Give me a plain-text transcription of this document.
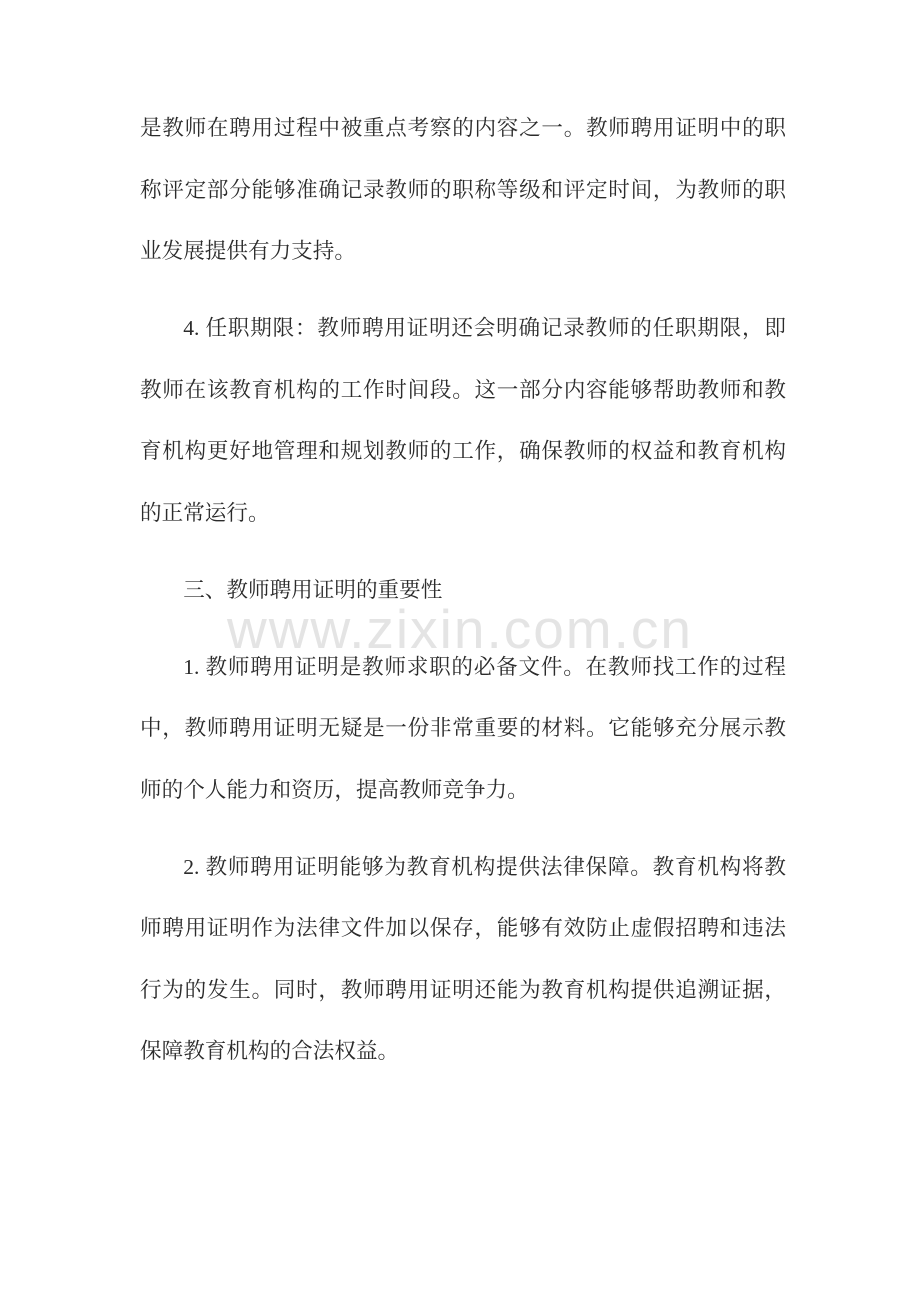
www.zixin.com.cn

是教师在聘用过程中被重点考察的内容之一。教师聘用证明中的职称评定部分能够准确记录教师的职称等级和评定时间，为教师的职业发展提供有力支持。

4. 任职期限：教师聘用证明还会明确记录教师的任职期限，即教师在该教育机构的工作时间段。这一部分内容能够帮助教师和教育机构更好地管理和规划教师的工作，确保教师的权益和教育机构的正常运行。

三、教师聘用证明的重要性

1. 教师聘用证明是教师求职的必备文件。在教师找工作的过程中，教师聘用证明无疑是一份非常重要的材料。它能够充分展示教师的个人能力和资历，提高教师竞争力。

2. 教师聘用证明能够为教育机构提供法律保障。教育机构将教师聘用证明作为法律文件加以保存，能够有效防止虚假招聘和违法行为的发生。同时，教师聘用证明还能为教育机构提供追溯证据，保障教育机构的合法权益。
